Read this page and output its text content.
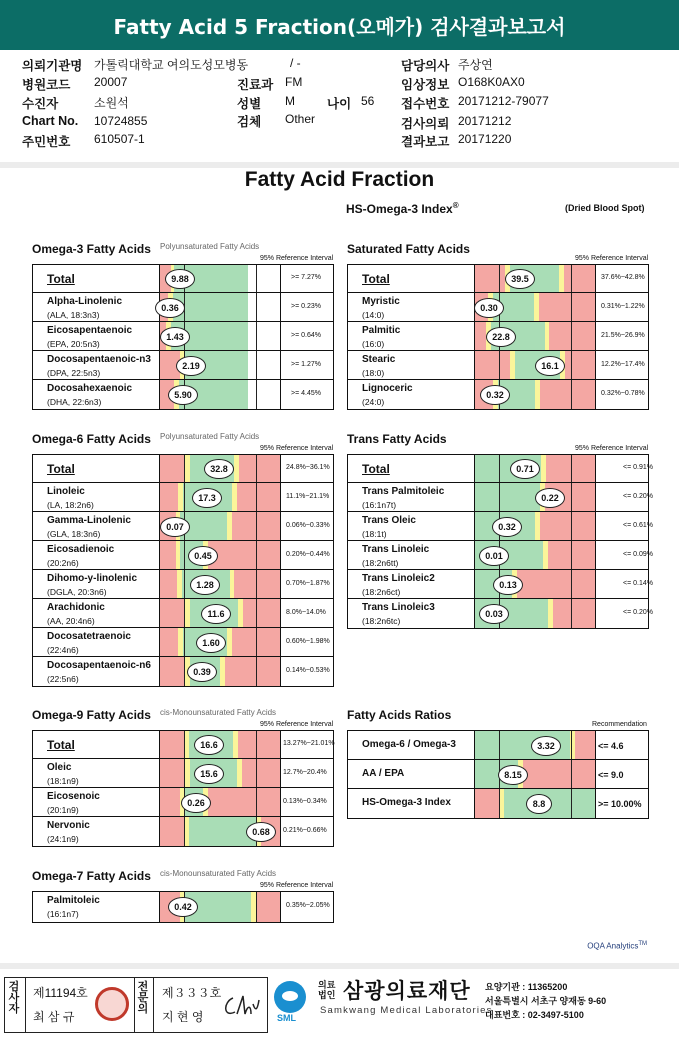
Fatty Acid 5 Fraction(오메가) 검사결과보고서
의뢰기관명 가톨릭대학교 여의도성모병동	/ -	담당의사 주상연
병원코드 20007	진료과 FM	임상정보 O168K0AX0
수진자	소원석	성별 M	나이 56 접수번호 20171212-79077
Chart No. 10724855	검체 Other	검사의뢰 20171212
주민번호 610507-1	결과보고 20171220
Fatty Acid Fraction
HS-Omega-3 Index®	(Dried Blood Spot)
Omega-3 Fatty Acids Polyunsaturated Fatty Acids
95% Reference Interval
Total	9.88	>= 7.27%
Alpha-Linolenic
(ALA, 18:3n3)
0.36	>= 0.23%
Eicosapentaenoic
(EPA, 20:5n3)
1.43	>= 0.64%
Docosapentaenoic-n3
(DPA, 22:5n3)
2.19	>= 1.27%
Docosahexaenoic
(DHA, 22:6n3)
5.90	>= 4.45%
Saturated Fatty Acids
95% Reference Interval
Total	39.5	37.6%~42.8%
Myristic
(14:0)
0.30	0.31%~1.22%
Palmitic
(16:0)
22.8	21.5%~26.9%
Stearic
(18:0)
16.1	12.2%~17.4%
Lignoceric
(24:0)
0.32	0.32%~0.78%
Omega-6 Fatty Acids Polyunsaturated Fatty Acids
95% Reference Interval
Total	32.8	24.8%~36.1%
Linoleic
(LA, 18:2n6)
17.3	11.1%~21.1%
Gamma-Linolenic
(GLA, 18:3n6)
0.07	0.06%~0.33%
Eicosadienoic
(20:2n6)
0.45	0.20%~0.44%
Dihomo-y-linolenic
(DGLA, 20:3n6)
1.28	0.70%~1.87%
Arachidonic
(AA, 20:4n6)
11.6	8.0%~14.0%
Docosatetraenoic
(22:4n6)
1.60	0.60%~1.98%
Docosapentaenoic-n6
(22:5n6)
0.39	0.14%~0.53%
Trans Fatty Acids
95% Reference Interval
Total	0.71	<= 0.91%
Trans Palmitoleic
(16:1n7t)
0.22	<= 0.20%
Trans Oleic
(18:1t)
0.32	<= 0.61%
Trans Linoleic
(18:2n6tt)
0.01	<= 0.09%
Trans Linoleic2
(18:2n6ct)
0.13	<= 0.14%
Trans Linoleic3
(18:2n6tc)
0.03	<= 0.20%
Omega-9 Fatty Acids cis-Monounsaturated Fatty Acids
95% Reference Interval
Total	16.6	13.27%~21.01%
Oleic
(18:1n9)
15.6	12.7%~20.4%
Eicosenoic
(20:1n9)
0.26	0.13%~0.34%
Nervonic
(24:1n9)
0.68	0.21%~0.66%
Fatty Acids Ratios
Recommendation
Omega-6 / Omega-3	3.32	<= 4.6
AA / EPA	8.15	<= 9.0
HS-Omega-3 Index	8.8	>= 10.00%
Omega-7 Fatty Acids cis-Monounsaturated Fatty Acids
95% Reference Interval
Palmitoleic
(16:1n7)
0.42	0.35%~2.05%
OQA Analytics™
검사자
제11194호
최 삼 규
전문의
제３３３호
지 현 영	SML
의료
법인 삼광의료재단
Samkwang Medical Laboratories
요양기관 : 11365200
서울특별시 서초구 양재동 9-60
대표번호 : 02-3497-5100
